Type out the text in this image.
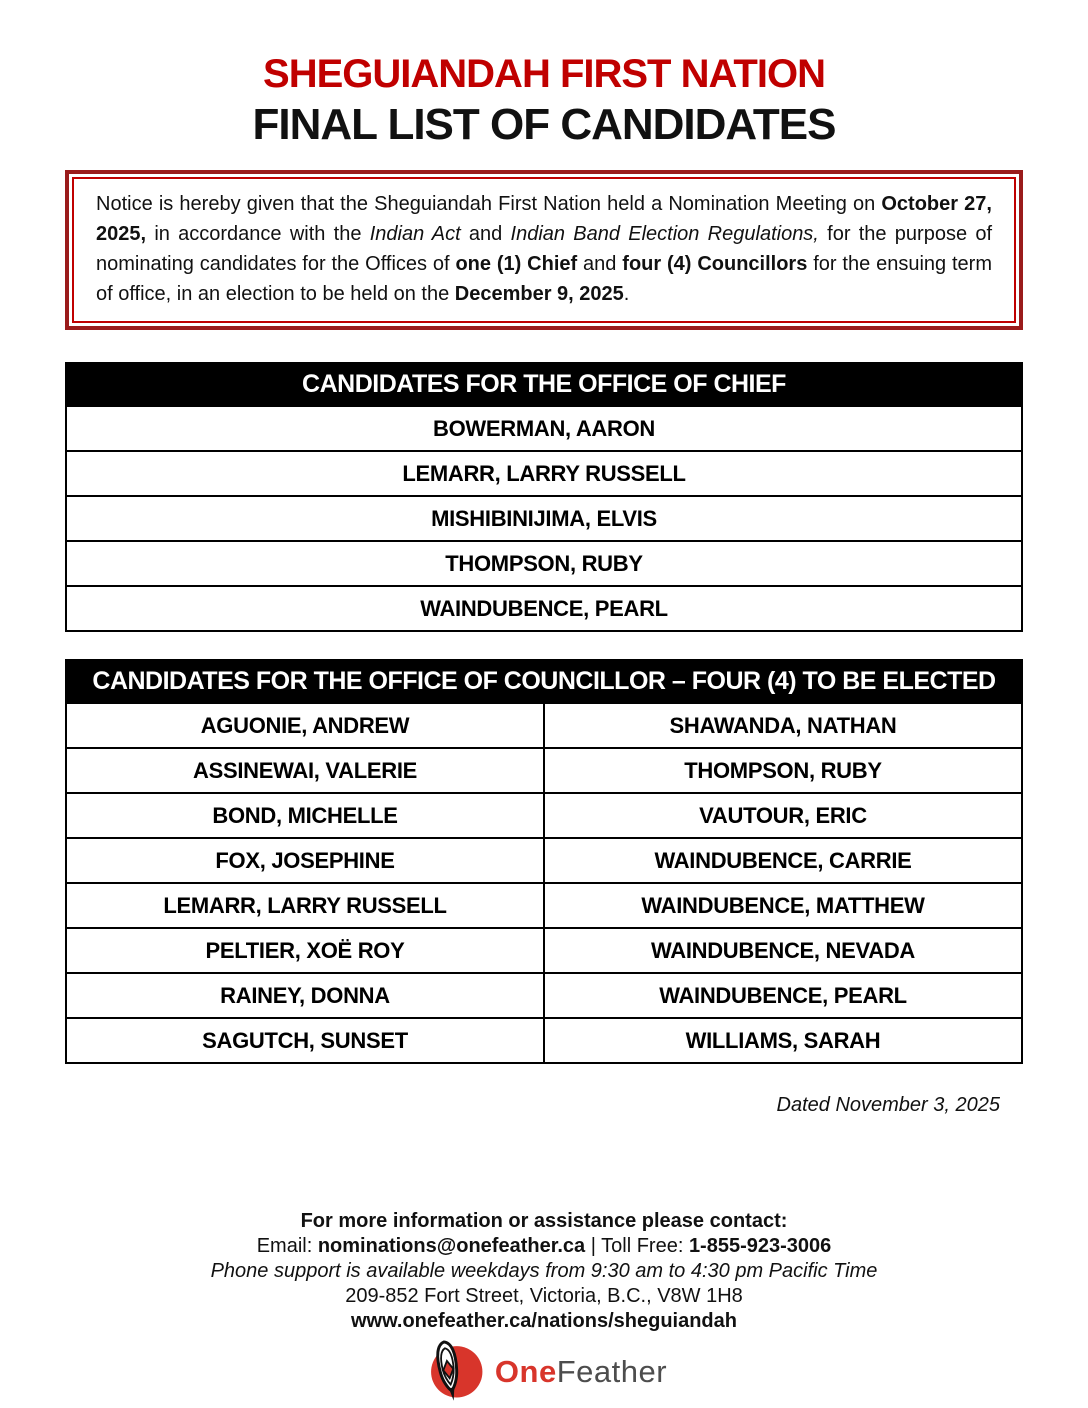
SHEGUIANDAH FIRST NATION
FINAL LIST OF CANDIDATES

Notice is hereby given that the Sheguiandah First Nation held a Nomination Meeting on October 27, 2025, in accordance with the Indian Act and Indian Band Election Regulations, for the purpose of nominating candidates for the Offices of one (1) Chief and four (4) Councillors for the ensuing term of office, in an election to be held on the December 9, 2025.

CANDIDATES FOR THE OFFICE OF CHIEF
BOWERMAN, AARON
LEMARR, LARRY RUSSELL
MISHIBINIJIMA, ELVIS
THOMPSON, RUBY
WAINDUBENCE, PEARL
CANDIDATES FOR THE OFFICE OF COUNCILLOR – FOUR (4) TO BE ELECTED
AGUONIE, ANDREW	SHAWANDA, NATHAN
ASSINEWAI, VALERIE	THOMPSON, RUBY
BOND, MICHELLE	VAUTOUR, ERIC
FOX, JOSEPHINE	WAINDUBENCE, CARRIE
LEMARR, LARRY RUSSELL	WAINDUBENCE, MATTHEW
PELTIER, XOË ROY	WAINDUBENCE, NEVADA
RAINEY, DONNA	WAINDUBENCE, PEARL
SAGUTCH, SUNSET	WILLIAMS, SARAH
Dated November 3, 2025
For more information or assistance please contact:
Email: nominations@onefeather.ca | Toll Free: 1-855-923-3006
Phone support is available weekdays from 9:30 am to 4:30 pm Pacific Time
209-852 Fort Street, Victoria, B.C., V8W 1H8
www.onefeather.ca/nations/sheguiandah
OneFeather
